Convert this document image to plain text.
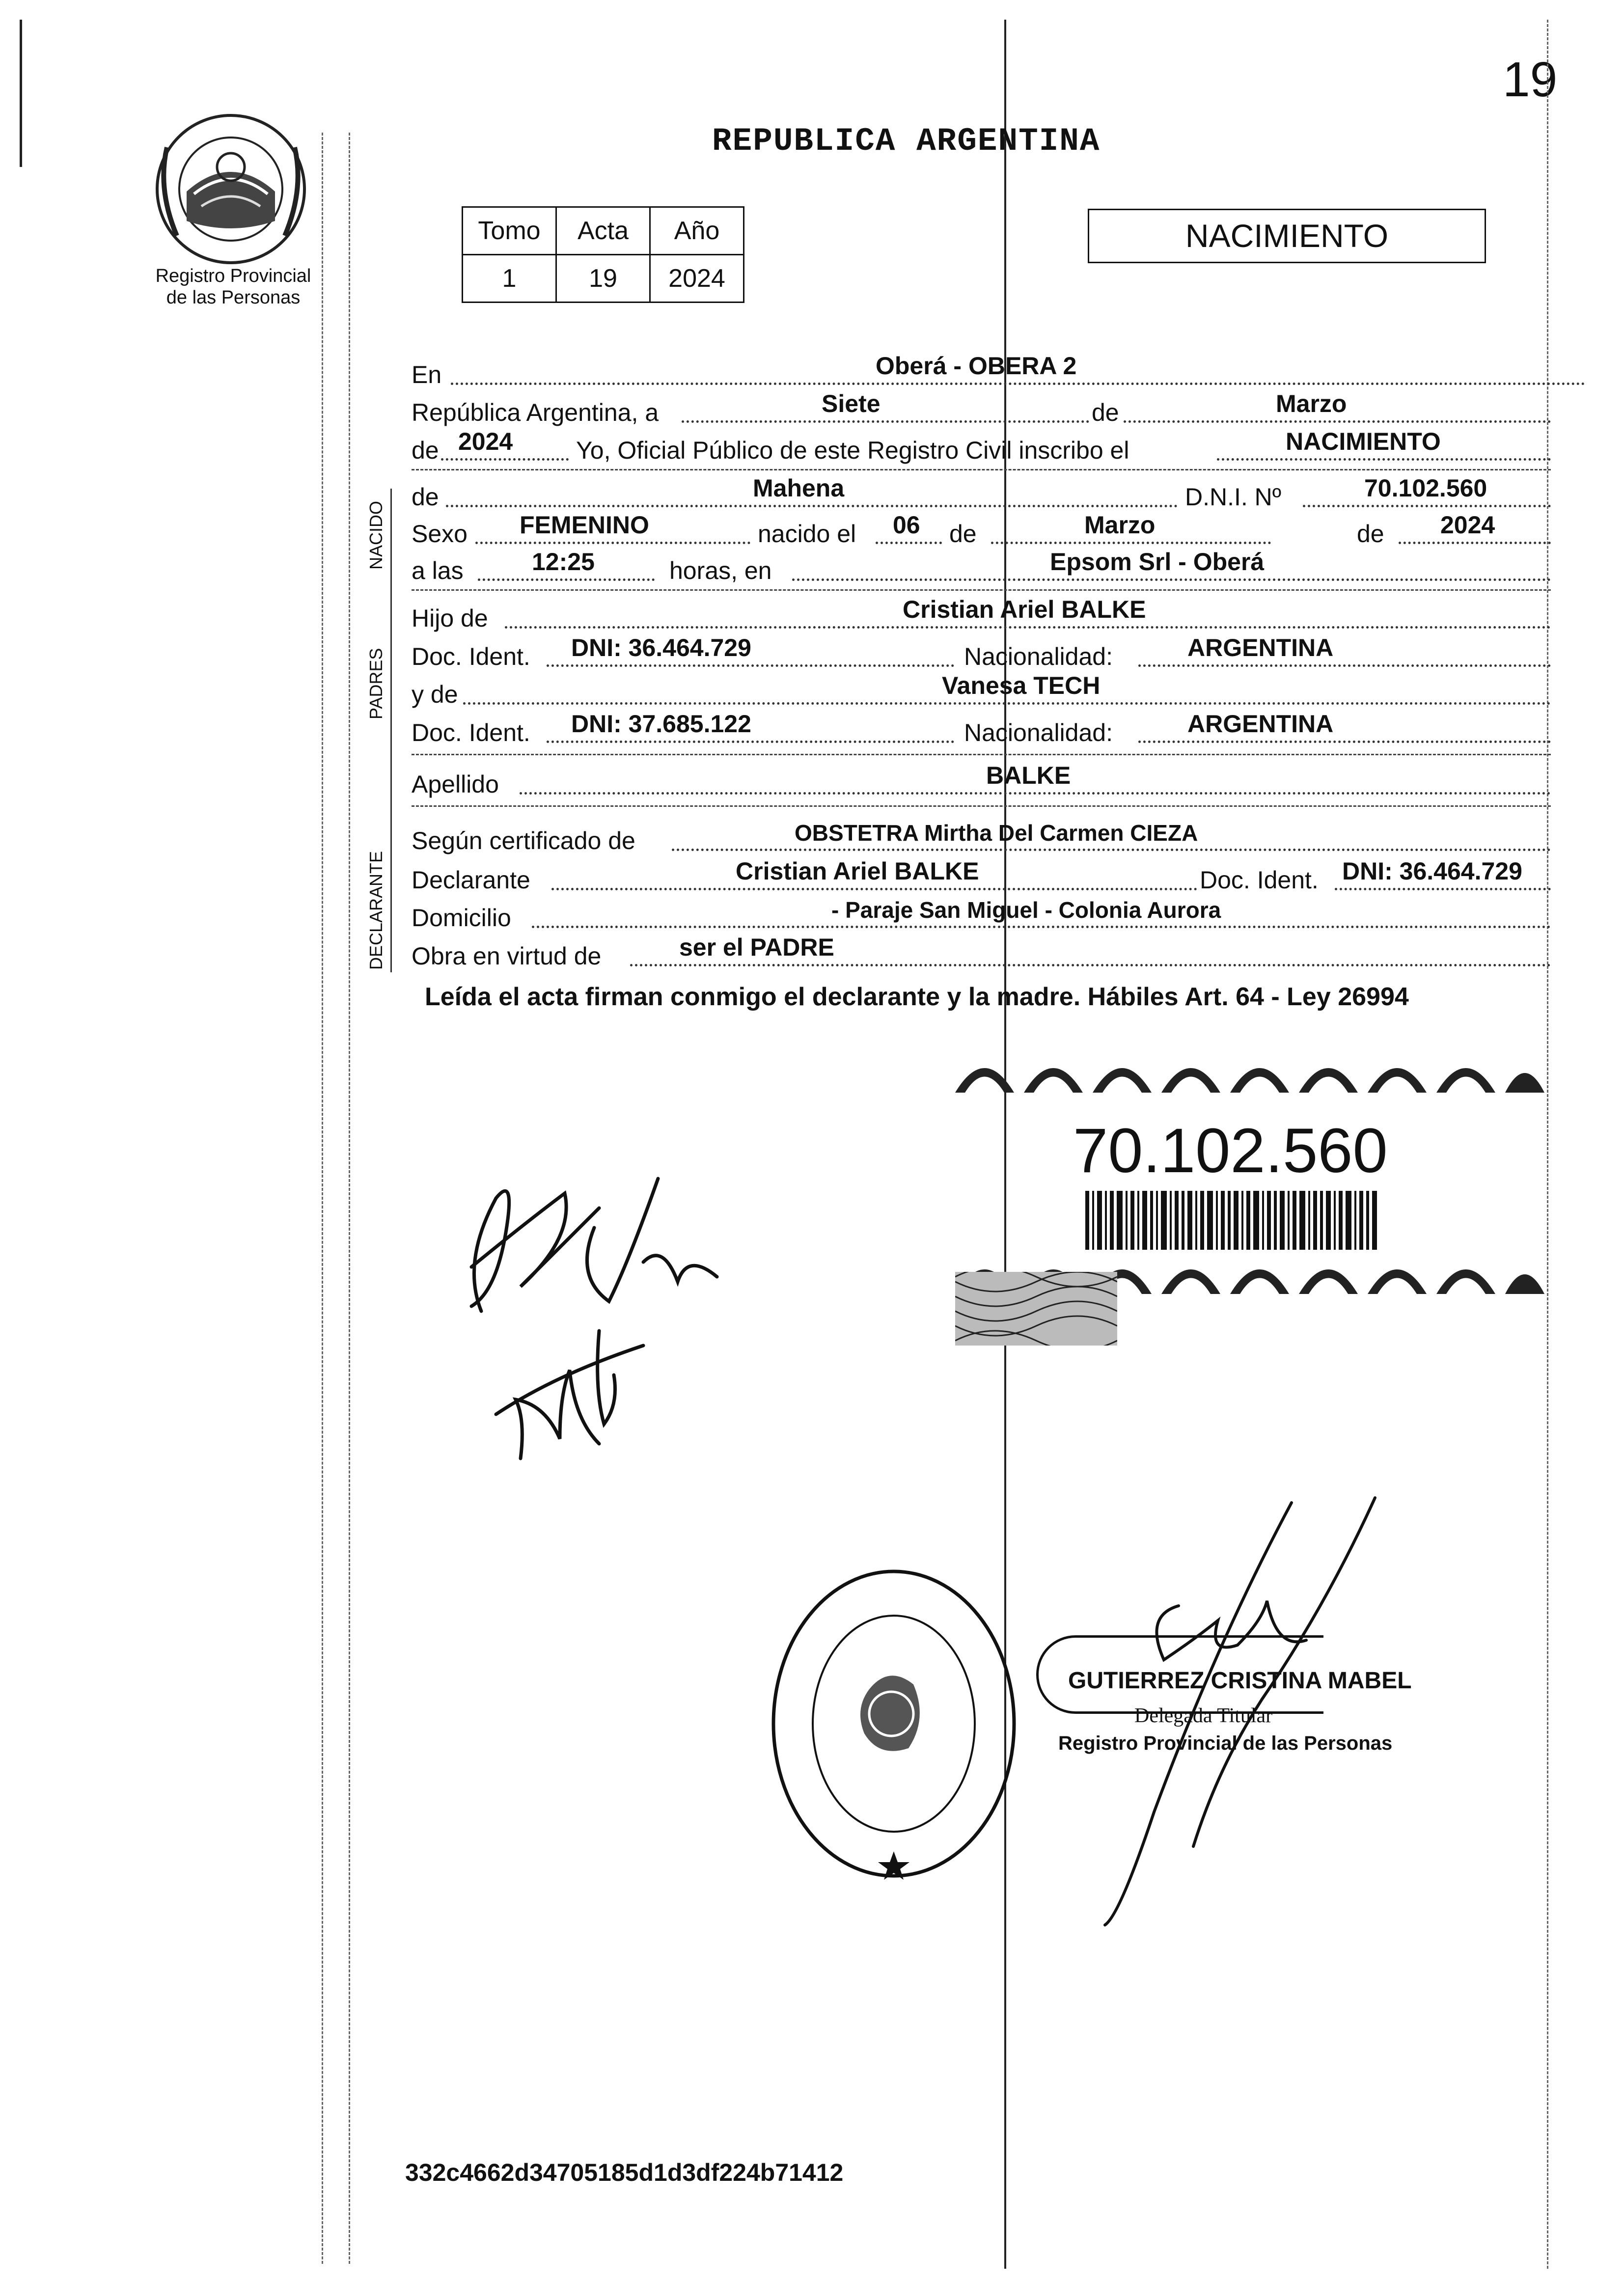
19
Registro Provincial
de las Personas
REPUBLICA ARGENTINA
Tomo	Acta	Año
1	19	2024
NACIMIENTO
NACIDO
PADRES
DECLARANTE
En	Oberá - OBERA 2
República Argentina, a	Siete	de	Marzo
de 2024	Yo, Oficial Público de este Registro Civil inscribo el	NACIMIENTO
de	Mahena	D.N.I. Nº	70.102.560
Sexo FEMENINO	nacido el 06 de	Marzo	de 2024
a las	12:25	horas, en	Epsom Srl - Oberá
Hijo de	Cristian Ariel BALKE
Doc. Ident. DNI: 36.464.729	Nacionalidad:	ARGENTINA
y de	Vanesa TECH
Doc. Ident. DNI: 37.685.122	Nacionalidad:	ARGENTINA
Apellido	BALKE
Según certificado de	OBSTETRA Mirtha Del Carmen CIEZA
Declarante	Cristian Ariel BALKE	Doc. Ident. DNI: 36.464.729
Domicilio	- Paraje San Miguel - Colonia Aurora
Obra en virtud de	ser el PADRE
Leída el acta firman conmigo el declarante y la madre. Hábiles Art. 64 - Ley 26994
70.102.560
GUTIERREZ CRISTINA MABEL
Delegada Titular
Registro Provincial de las Personas
332c4662d34705185d1d3df224b71412
